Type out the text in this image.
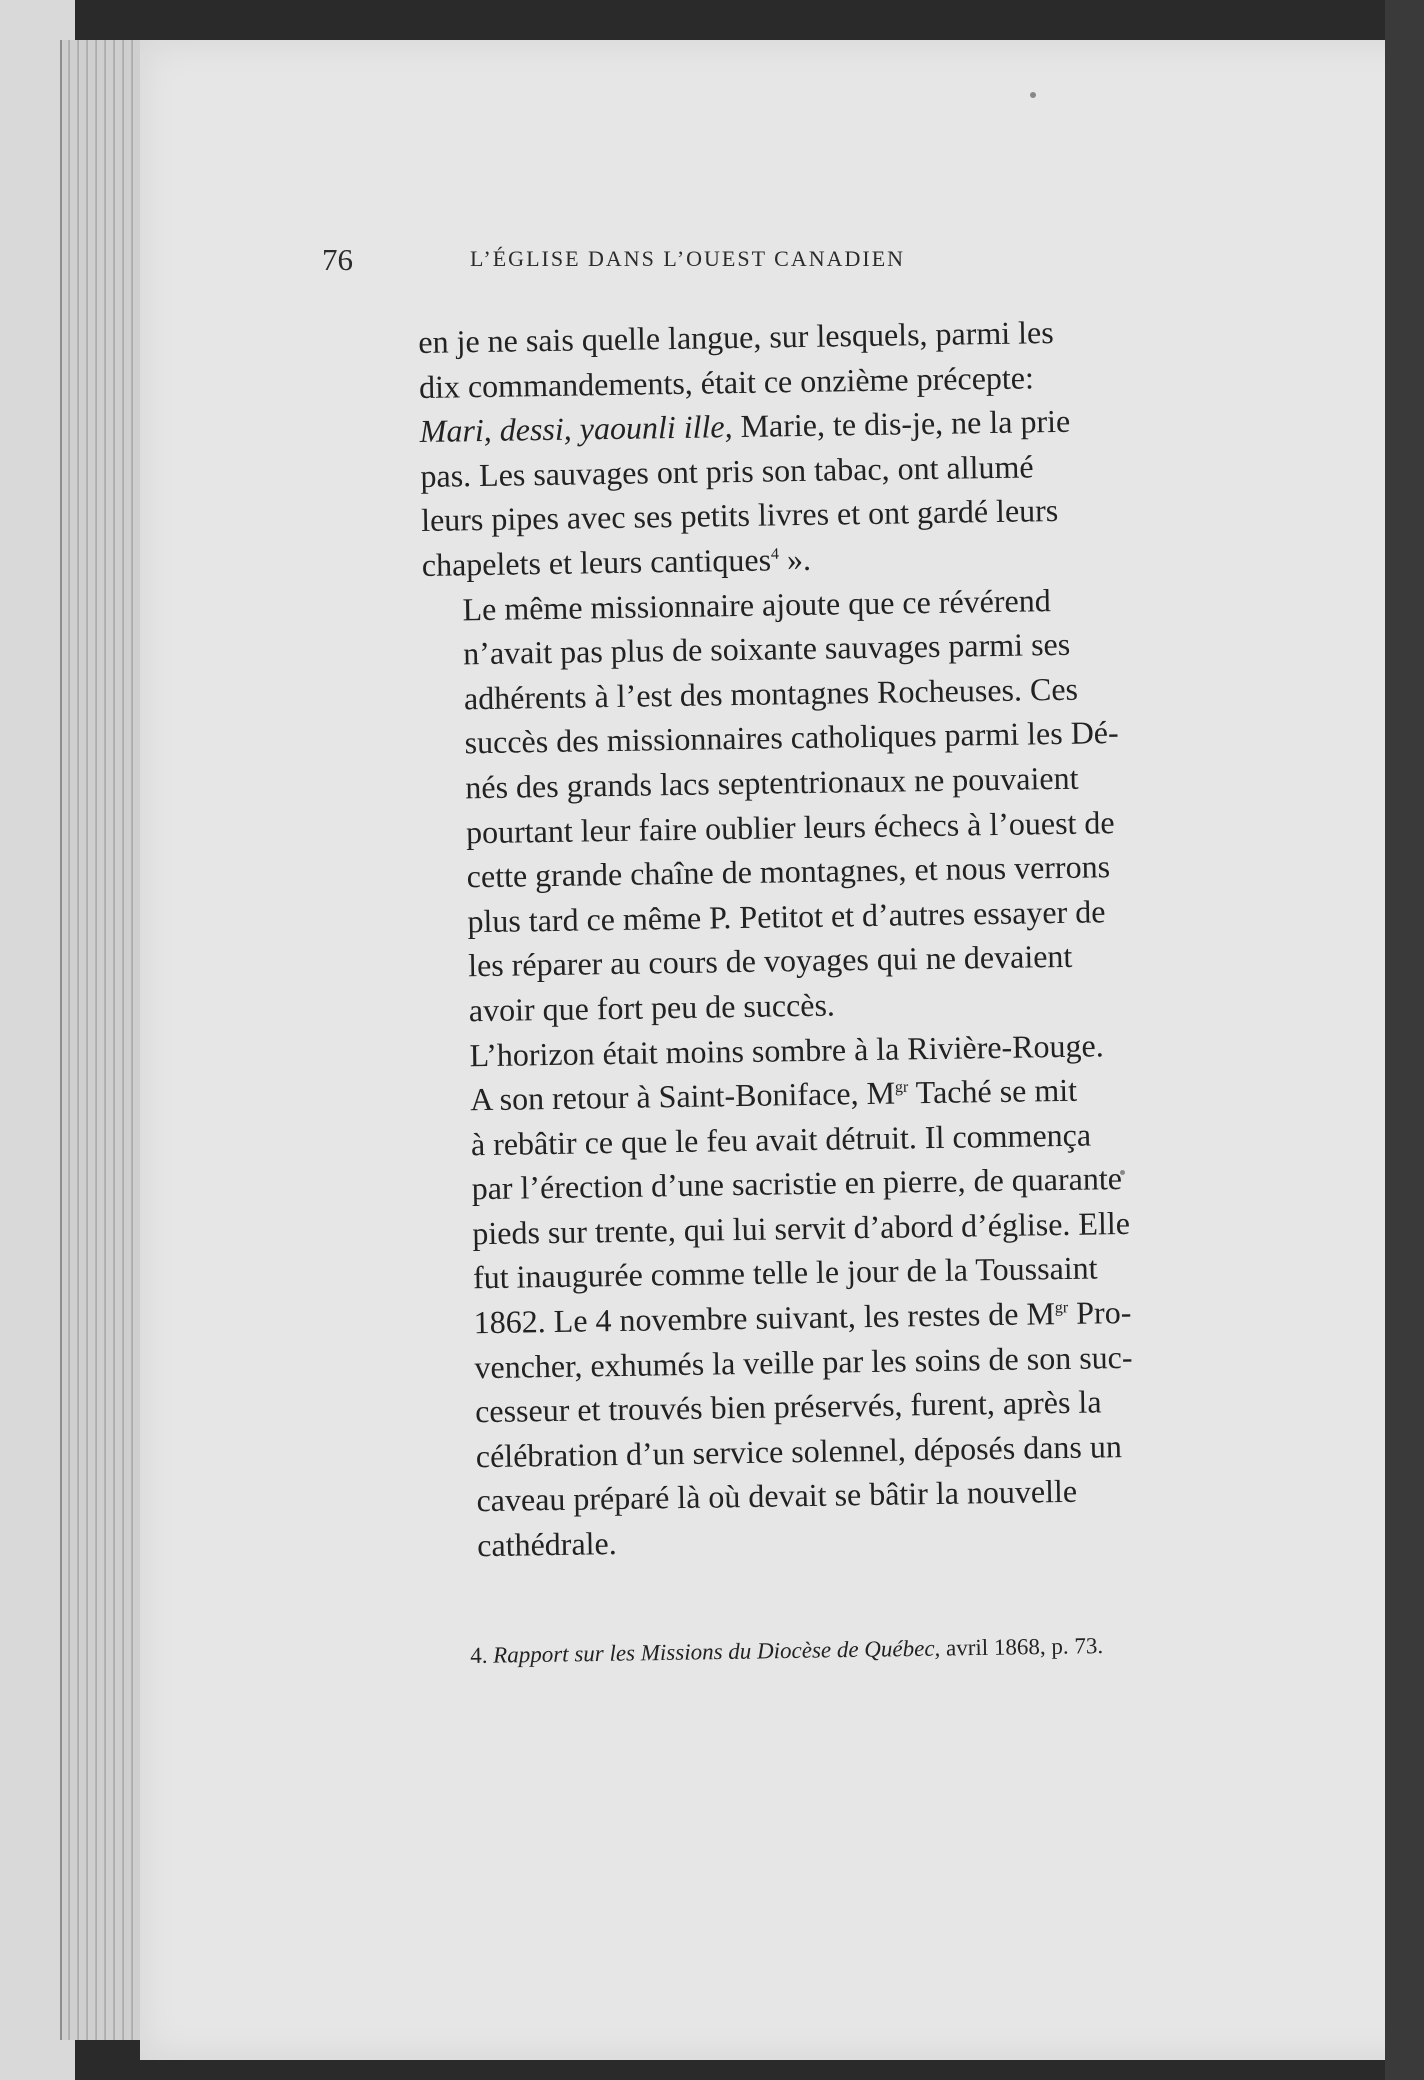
76	L’ÉGLISE DANS L’OUEST CANADIEN

en je ne sais quelle langue, sur lesquels, parmi les
dix commandements, était ce onzième précepte:
Mari, dessi, yaounli ille, Marie, te dis-je, ne la prie
pas. Les sauvages ont pris son tabac, ont allumé
leurs pipes avec ses petits livres et ont gardé leurs
chapelets et leurs cantiques$^4$ ».

Le même missionnaire ajoute que ce révérend
n’avait pas plus de soixante sauvages parmi ses
adhérents à l’est des montagnes Rocheuses. Ces
succès des missionnaires catholiques parmi les Dé-
nés des grands lacs septentrionaux ne pouvaient
pourtant leur faire oublier leurs échecs à l’ouest de
cette grande chaîne de montagnes, et nous verrons
plus tard ce même P. Petitot et d’autres essayer de
les réparer au cours de voyages qui ne devaient
avoir que fort peu de succès.

L’horizon était moins sombre à la Rivière-Rouge.

A son retour à Saint-Boniface, $M^{gr}$ Taché se mit
à rebâtir ce que le feu avait détruit. Il commença
par l’érection d’une sacristie en pierre, de quarante
pieds sur trente, qui lui servit d’abord d’église. Elle
fut inaugurée comme telle le jour de la Toussaint
1862. Le 4 novembre suivant, les restes de $M^{gr}$ Pro-
vencher, exhumés la veille par les soins de son suc-
cesseur et trouvés bien préservés, furent, après la
célébration d’un service solennel, déposés dans un
caveau préparé là où devait se bâtir la nouvelle
cathédrale.

4. Rapport sur les Missions du Diocèse de Québec, avril 1868, p. 73.
